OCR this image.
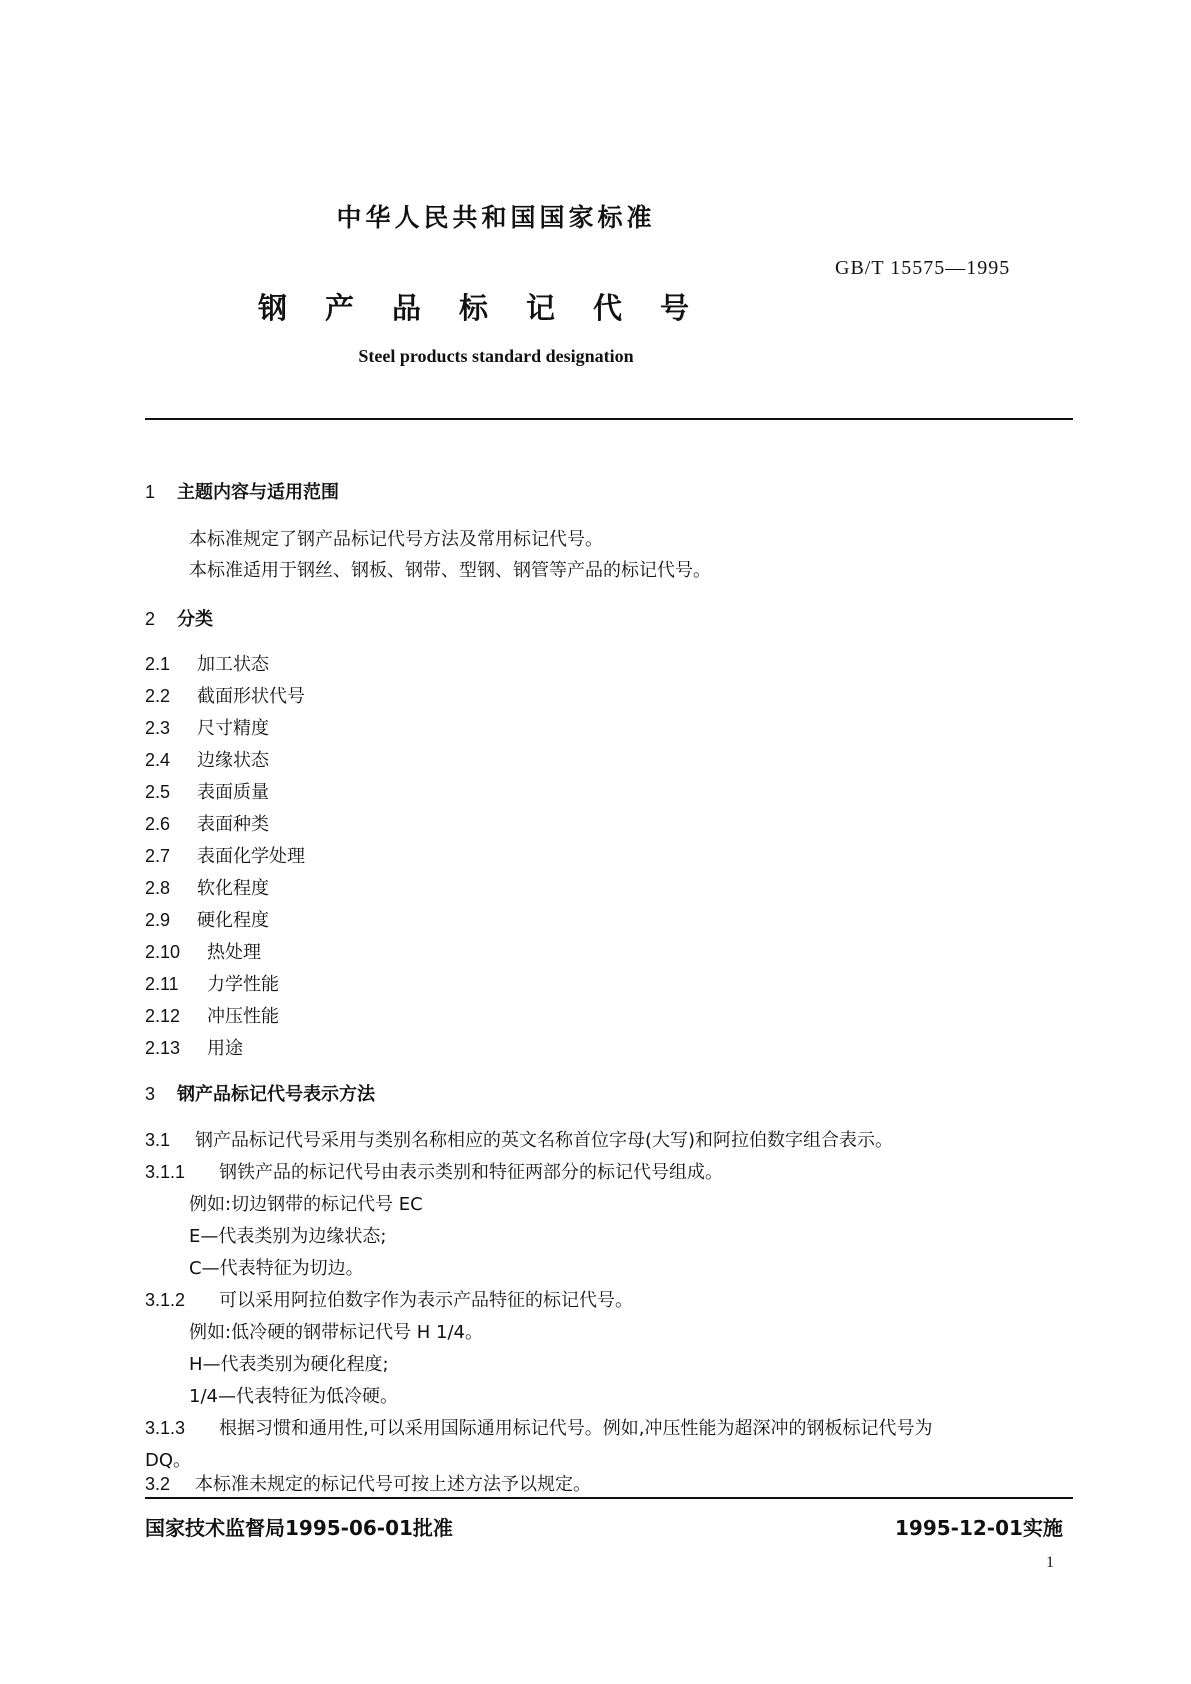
中华人民共和国国家标准
GB/T 15575—1995
钢产品标记代号
Steel products standard designation
1 主题内容与适用范围
本标准规定了钢产品标记代号方法及常用标记代号。
本标准适用于钢丝、钢板、钢带、型钢、钢管等产品的标记代号。
2 分类
2.1 加工状态
2.2 截面形状代号
2.3 尺寸精度
2.4 边缘状态
2.5 表面质量
2.6 表面种类
2.7 表面化学处理
2.8 软化程度
2.9 硬化程度
2.10 热处理
2.11 力学性能
2.12 冲压性能
2.13 用途
3 钢产品标记代号表示方法
3.1 钢产品标记代号采用与类别名称相应的英文名称首位字母(大写)和阿拉伯数字组合表示。
3.1.1 钢铁产品的标记代号由表示类别和特征两部分的标记代号组成。
例如:切边钢带的标记代号 EC
E—代表类别为边缘状态;
C—代表特征为切边。
3.1.2 可以采用阿拉伯数字作为表示产品特征的标记代号。
例如:低冷硬的钢带标记代号 H 1/4。
H—代表类别为硬化程度;
1/4—代表特征为低冷硬。
3.1.3 根据习惯和通用性,可以采用国际通用标记代号。例如,冲压性能为超深冲的钢板标记代号为
DQ。
3.2 本标准未规定的标记代号可按上述方法予以规定。
国家技术监督局1995-06-01批准	1995-12-01实施
1
